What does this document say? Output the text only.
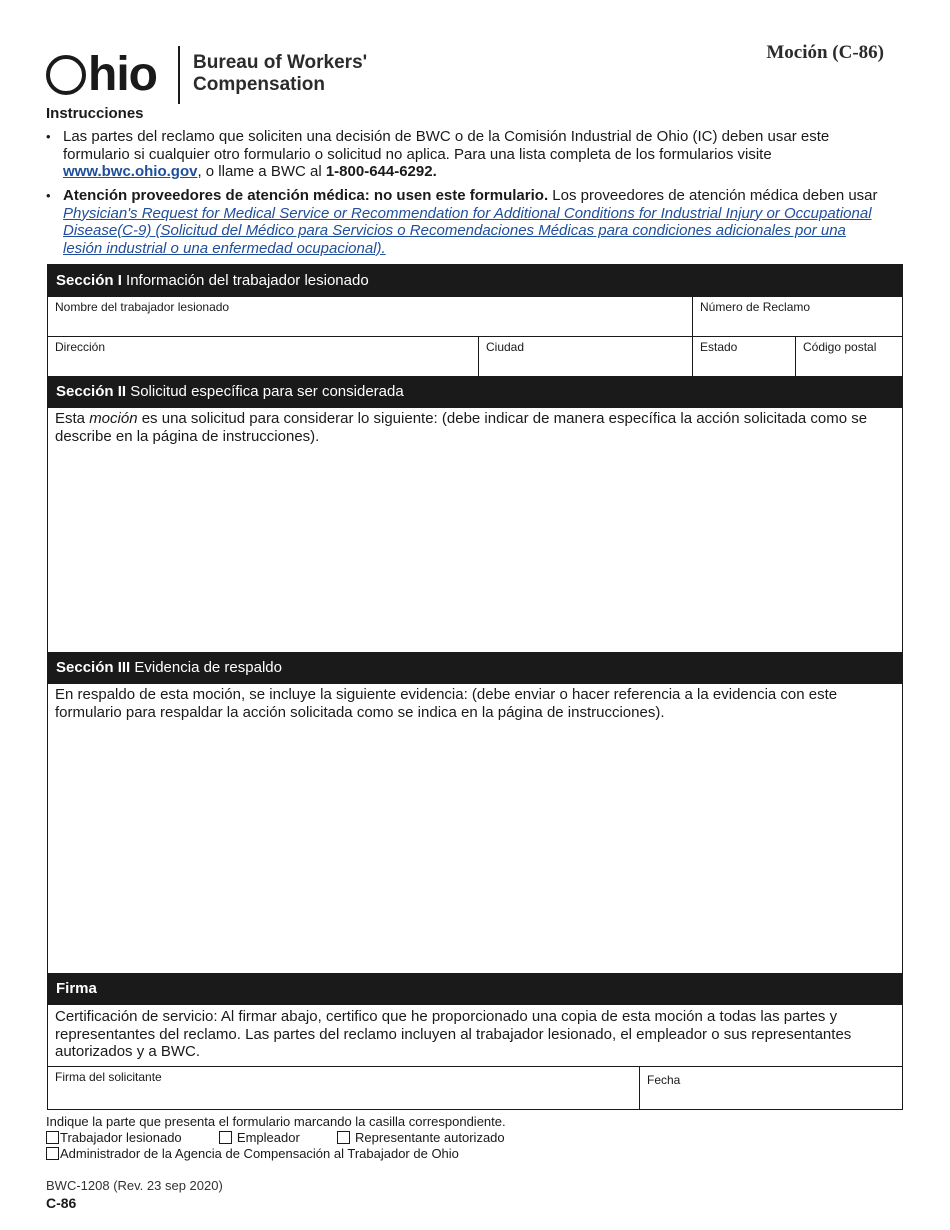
hio Bureau of Workers' Compensation
Moción (C-86)
Instrucciones
• Las partes del reclamo que soliciten una decisión de BWC o de la Comisión Industrial de Ohio (IC) deben usar este formulario si cualquier otro formulario o solicitud no aplica. Para una lista completa de los formularios visite www.bwc.ohio.gov, o llame a BWC al 1-800-644-6292.
• Atención proveedores de atención médica: no usen este formulario. Los proveedores de atención médica deben usar Physician's Request for Medical Service or Recommendation for Additional Conditions for Industrial Injury or Occupational Disease(C-9) (Solicitud del Médico para Servicios o Recomendaciones Médicas para condiciones adicionales por una lesión industrial o una enfermedad ocupacional).
Sección I Información del trabajador lesionado
Nombre del trabajador lesionado	Número de Reclamo
Dirección	Ciudad	Estado	Código postal
Sección II Solicitud específica para ser considerada
Esta moción es una solicitud para considerar lo siguiente: (debe indicar de manera específica la acción solicitada como se describe en la página de instrucciones).
Sección III Evidencia de respaldo
En respaldo de esta moción, se incluye la siguiente evidencia: (debe enviar o hacer referencia a la evidencia con este formulario para respaldar la acción solicitada como se indica en la página de instrucciones).
Firma
Certificación de servicio: Al firmar abajo, certifico que he proporcionado una copia de esta moción a todas las partes y representantes del reclamo. Las partes del reclamo incluyen al trabajador lesionado, el empleador o sus representantes autorizados y a BWC.
Firma del solicitante	Fecha
Indique la parte que presenta el formulario marcando la casilla correspondiente.
Trabajador lesionado	Empleador	Representante autorizado
Administrador de la Agencia de Compensación al Trabajador de Ohio
BWC-1208 (Rev. 23 sep 2020)
C-86
